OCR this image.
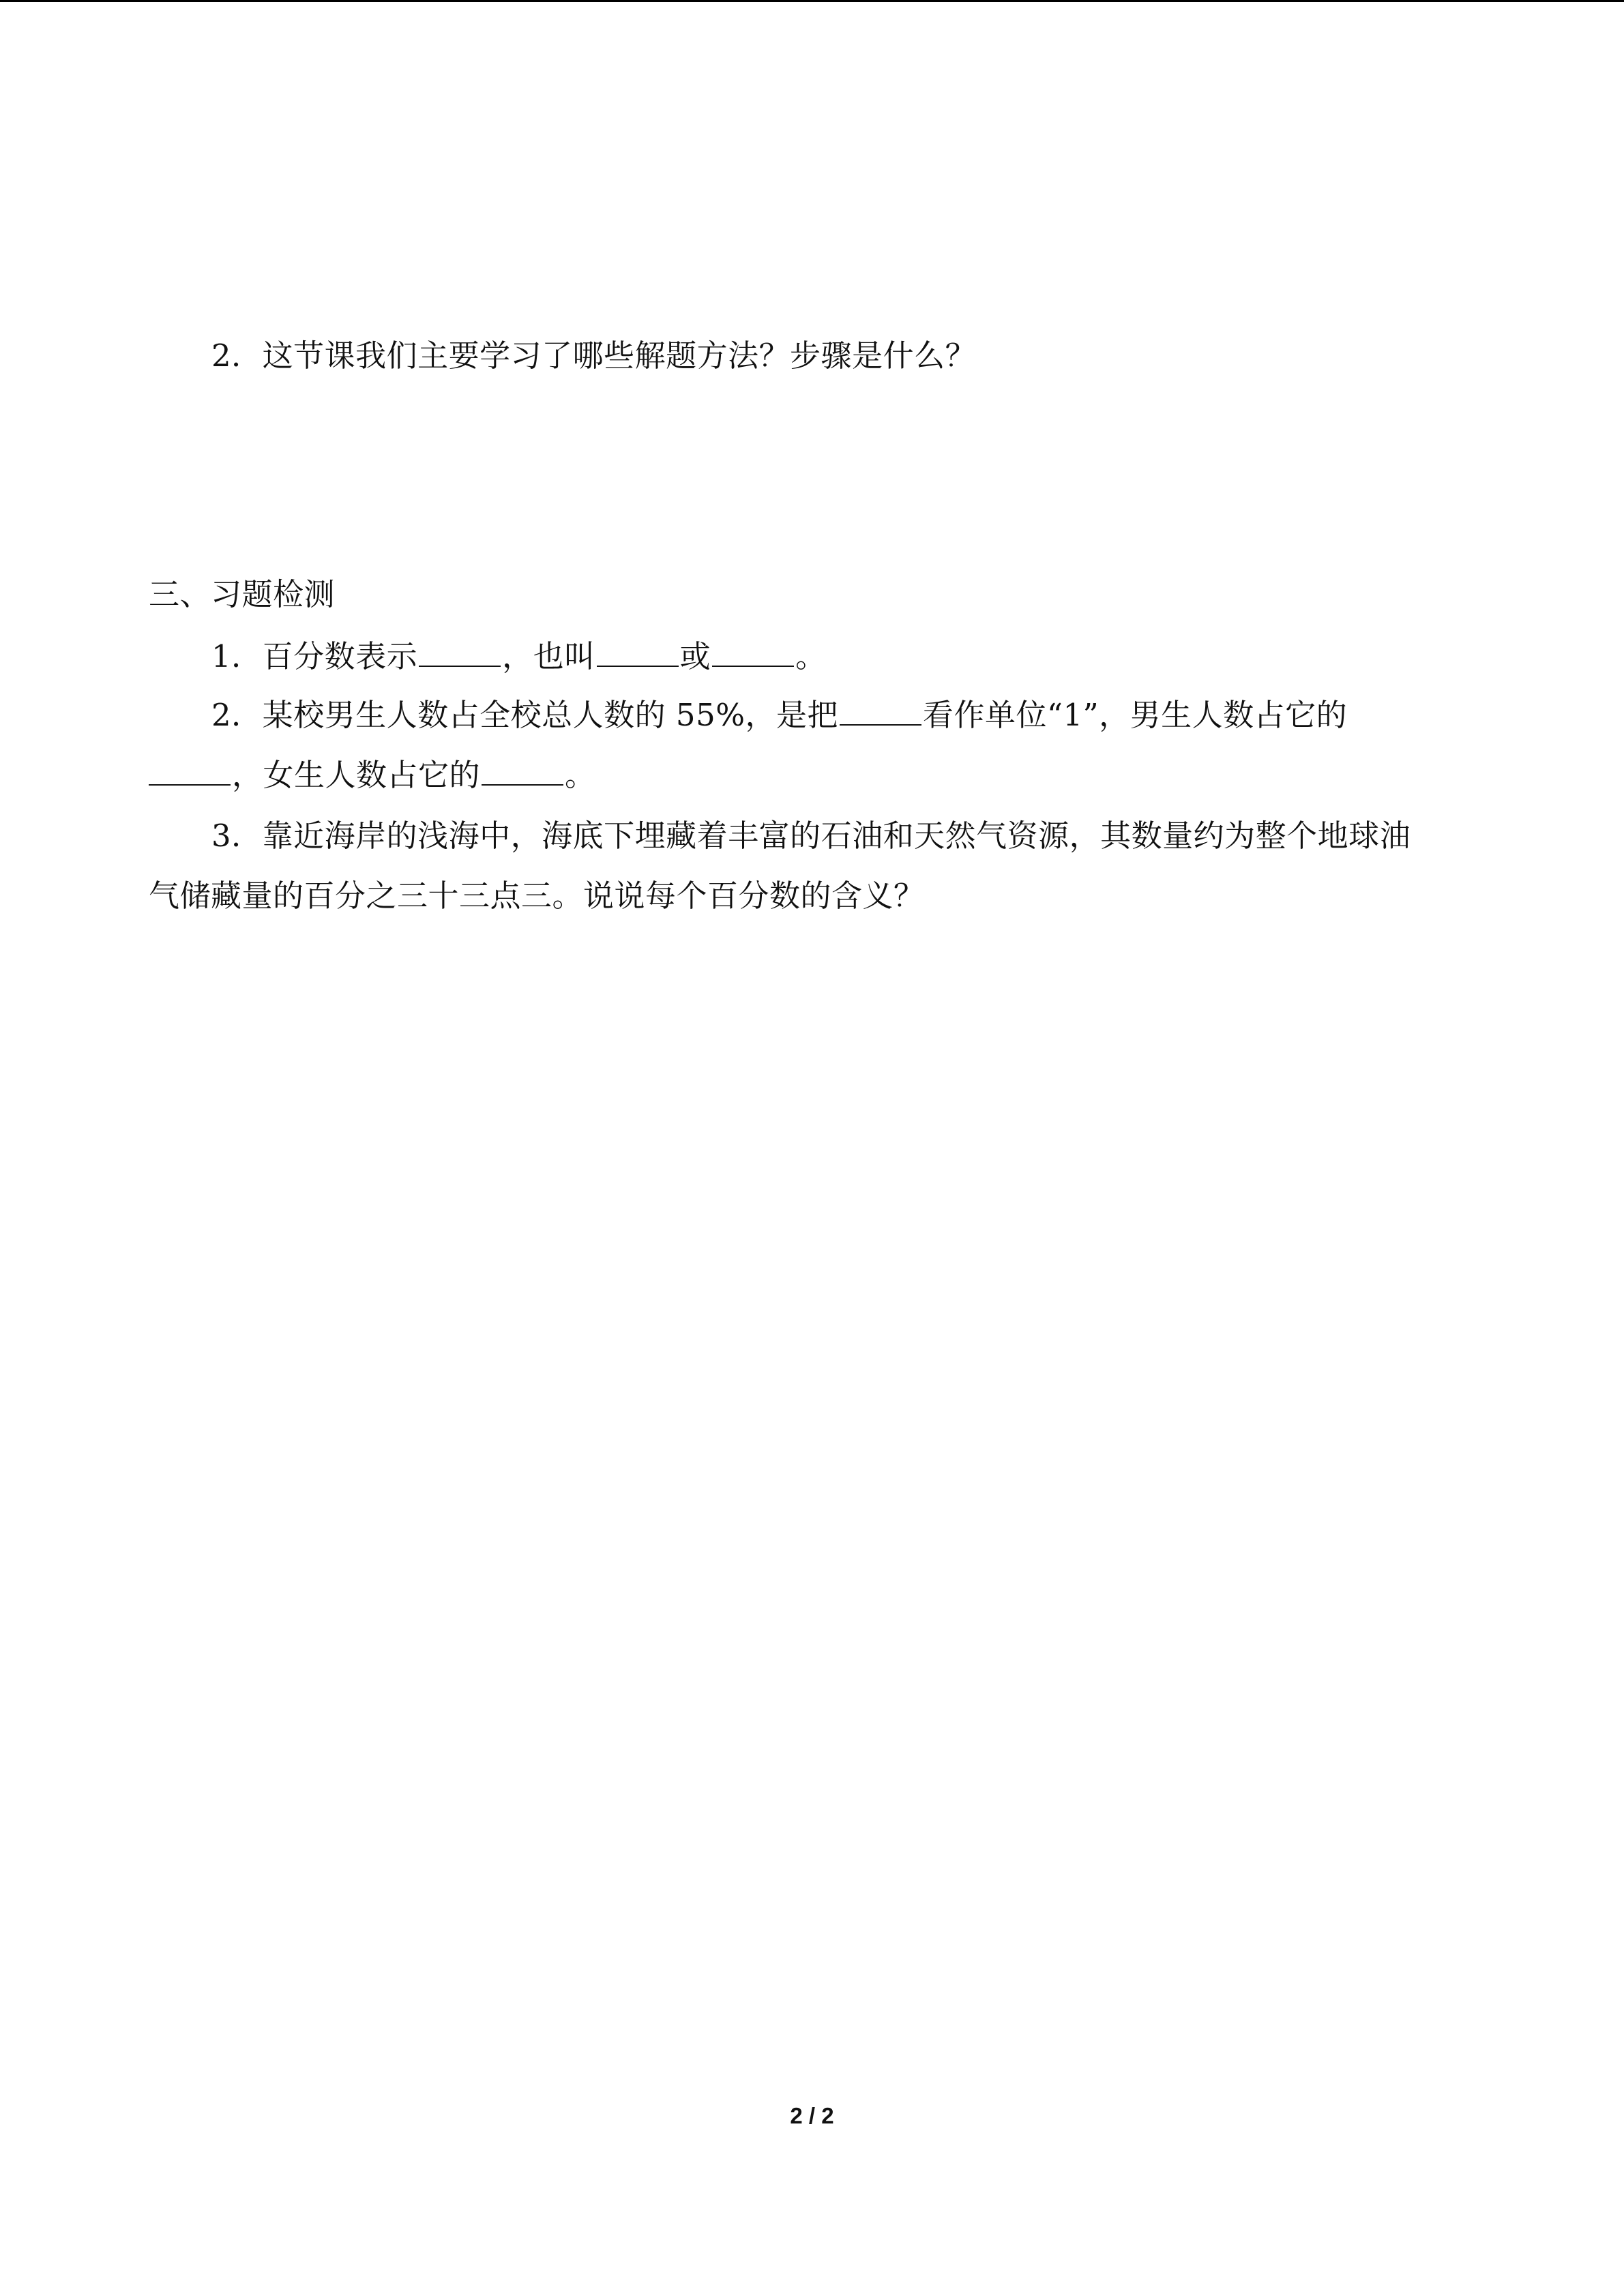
2．这节课我们主要学习了哪些解题方法？步骤是什么？
三、习题检测
1．百分数表示	，也叫	或	。
2．某校男生人数占全校总人数的 55%，是把	看作单位“1”，男生人数占它的
，女生人数占它的	。
3．靠近海岸的浅海中，海底下埋藏着丰富的石油和天然气资源，其数量约为整个地球油
气储藏量的百分之三十三点三。说说每个百分数的含义？
2 / 2
